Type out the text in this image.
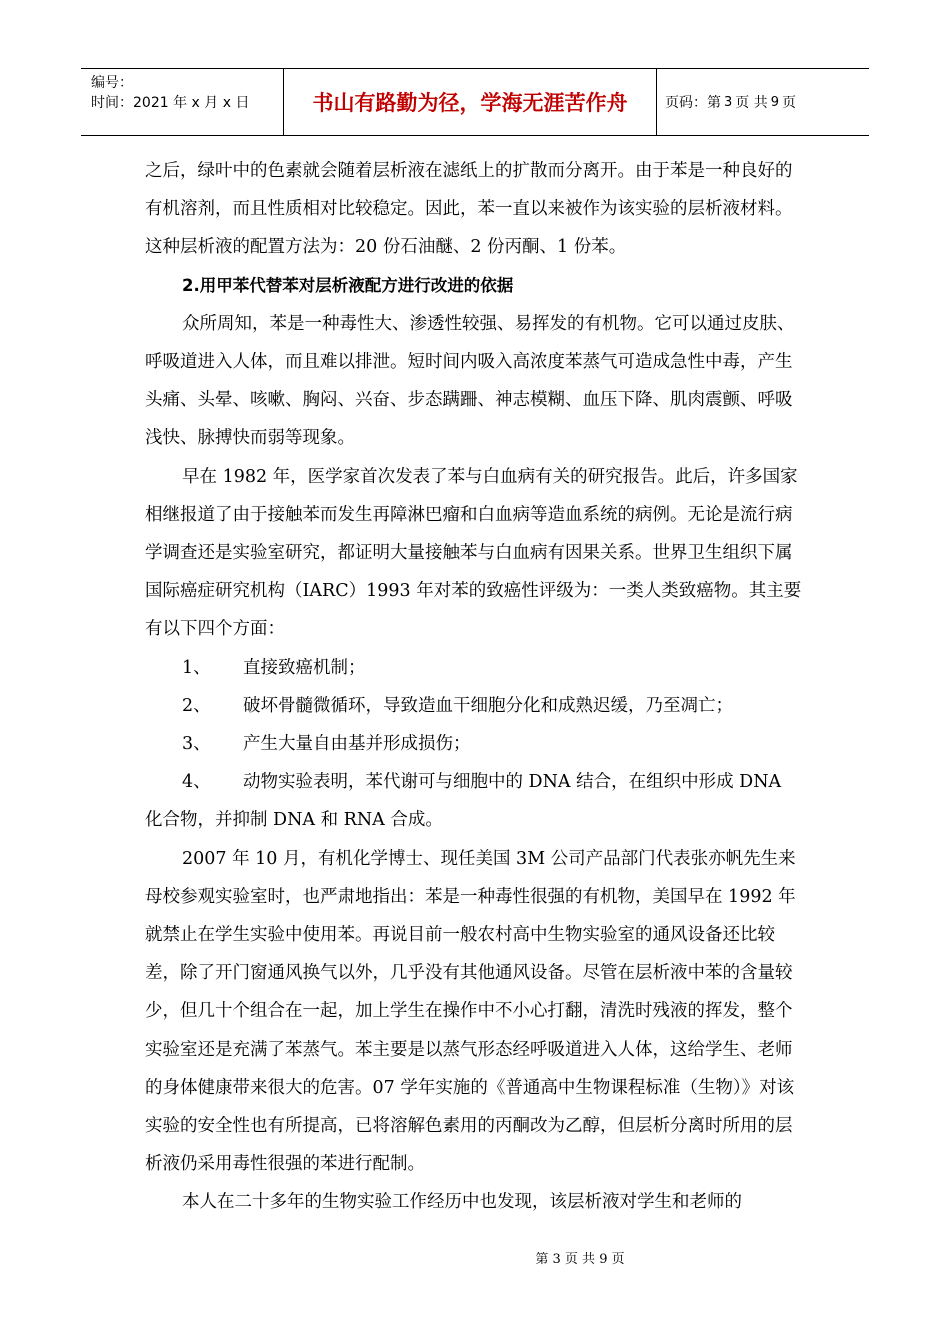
编号：
时间：2021 年 x 月 x 日	书山有路勤为径，学海无涯苦作舟	页码：第 3 页 共 9 页

之后，绿叶中的色素就会随着层析液在滤纸上的扩散而分离开。由于苯是一种良好的有机溶剂，而且性质相对比较稳定。因此，苯一直以来被作为该实验的层析液材料。这种层析液的配置方法为：20 份石油醚、2 份丙酮、1 份苯。

2.用甲苯代替苯对层析液配方进行改进的依据

众所周知，苯是一种毒性大、渗透性较强、易挥发的有机物。它可以通过皮肤、呼吸道进入人体，而且难以排泄。短时间内吸入高浓度苯蒸气可造成急性中毒，产生头痛、头晕、咳嗽、胸闷、兴奋、步态蹒跚、神志模糊、血压下降、肌肉震颤、呼吸浅快、脉搏快而弱等现象。

早在 1982 年，医学家首次发表了苯与白血病有关的研究报告。此后，许多国家相继报道了由于接触苯而发生再障淋巴瘤和白血病等造血系统的病例。无论是流行病学调查还是实验室研究，都证明大量接触苯与白血病有因果关系。世界卫生组织下属国际癌症研究机构（IARC）1993 年对苯的致癌性评级为：一类人类致癌物。其主要有以下四个方面：

1、	直接致癌机制；
2、	破坏骨髓微循环，导致造血干细胞分化和成熟迟缓，乃至凋亡；
3、	产生大量自由基并形成损伤；
4、	动物实验表明，苯代谢可与细胞中的 DNA 结合，在组织中形成 DNA

化合物，并抑制 DNA 和 RNA 合成。

2007 年 10 月，有机化学博士、现任美国 3M 公司产品部门代表张亦帆先生来母校参观实验室时，也严肃地指出：苯是一种毒性很强的有机物，美国早在 1992 年就禁止在学生实验中使用苯。再说目前一般农村高中生物实验室的通风设备还比较差，除了开门窗通风换气以外，几乎没有其他通风设备。尽管在层析液中苯的含量较少，但几十个组合在一起，加上学生在操作中不小心打翻，清洗时残液的挥发，整个实验室还是充满了苯蒸气。苯主要是以蒸气形态经呼吸道进入人体，这给学生、老师的身体健康带来很大的危害。07 学年实施的《普通高中生物课程标准（生物）》对该实验的安全性也有所提高，已将溶解色素用的丙酮改为乙醇，但层析分离时所用的层析液仍采用毒性很强的苯进行配制。

本人在二十多年的生物实验工作经历中也发现，该层析液对学生和老师的

第 3 页 共 9 页
